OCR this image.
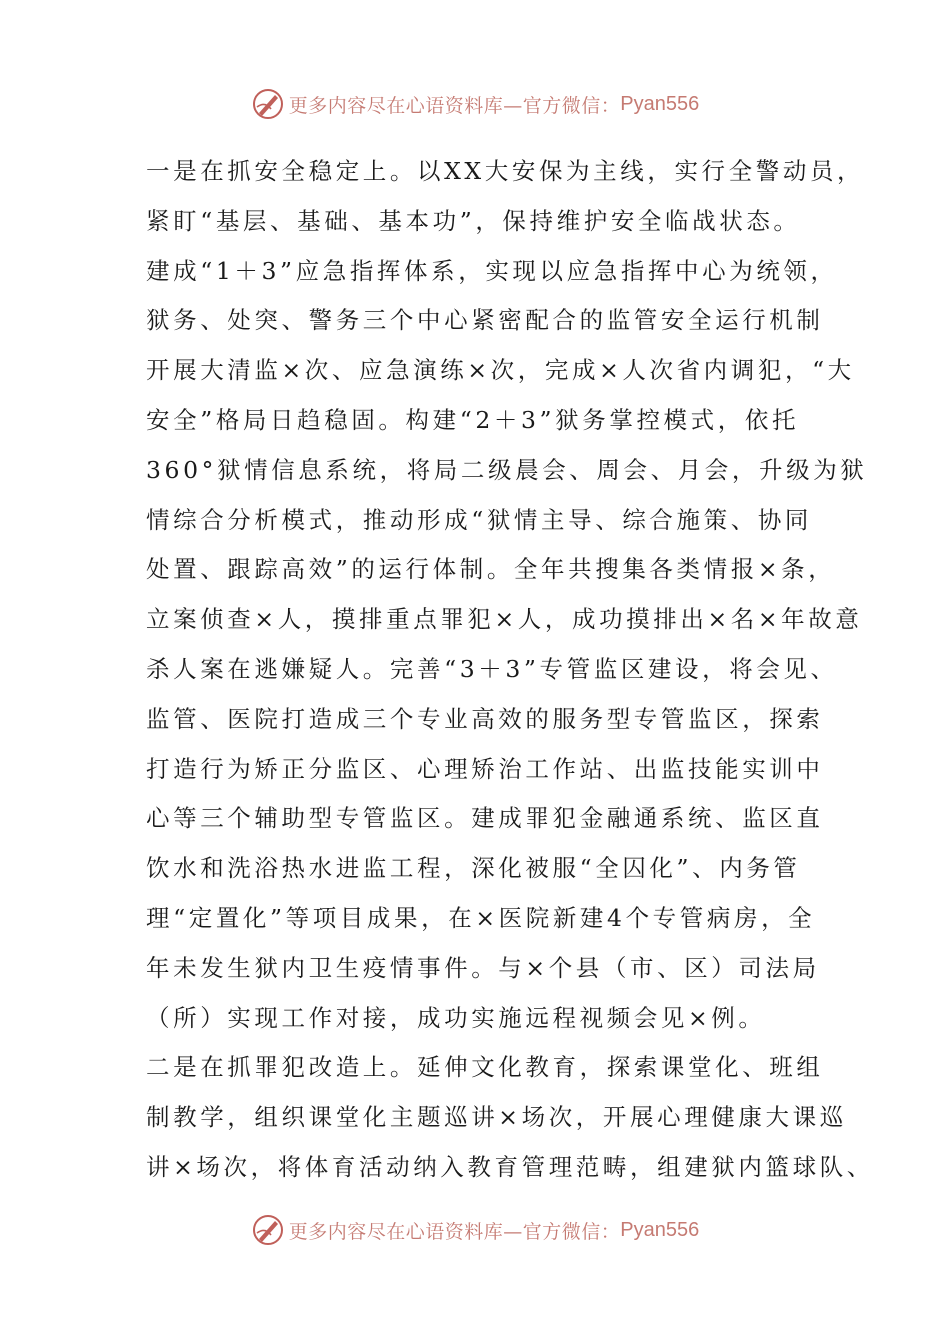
更多内容尽在心语资料库—官方微信： Pyan556
一是在抓安全稳定上。以XX大安保为主线，实行全警动员，
紧盯“基层、基础、基本功”，保持维护安全临战状态。
建成“1＋3”应急指挥体系，实现以应急指挥中心为统领，
狱务、处突、警务三个中心紧密配合的监管安全运行机制
开展大清监×次、应急演练×次，完成×人次省内调犯，“大
安全”格局日趋稳固。构建“2＋3”狱务掌控模式，依托
360°狱情信息系统，将局二级晨会、周会、月会，升级为狱
情综合分析模式，推动形成“狱情主导、综合施策、协同
处置、跟踪高效”的运行体制。全年共搜集各类情报×条，
立案侦查×人，摸排重点罪犯×人，成功摸排出×名×年故意
杀人案在逃嫌疑人。完善“3＋3”专管监区建设，将会见、
监管、医院打造成三个专业高效的服务型专管监区，探索
打造行为矫正分监区、心理矫治工作站、出监技能实训中
心等三个辅助型专管监区。建成罪犯金融通系统、监区直
饮水和洗浴热水进监工程，深化被服“全囚化”、内务管
理“定置化”等项目成果，在×医院新建4个专管病房，全
年未发生狱内卫生疫情事件。与×个县（市、区）司法局
（所）实现工作对接，成功实施远程视频会见×例。
二是在抓罪犯改造上。延伸文化教育，探索课堂化、班组
制教学，组织课堂化主题巡讲×场次，开展心理健康大课巡
讲×场次，将体育活动纳入教育管理范畴，组建狱内篮球队、
更多内容尽在心语资料库—官方微信： Pyan556
